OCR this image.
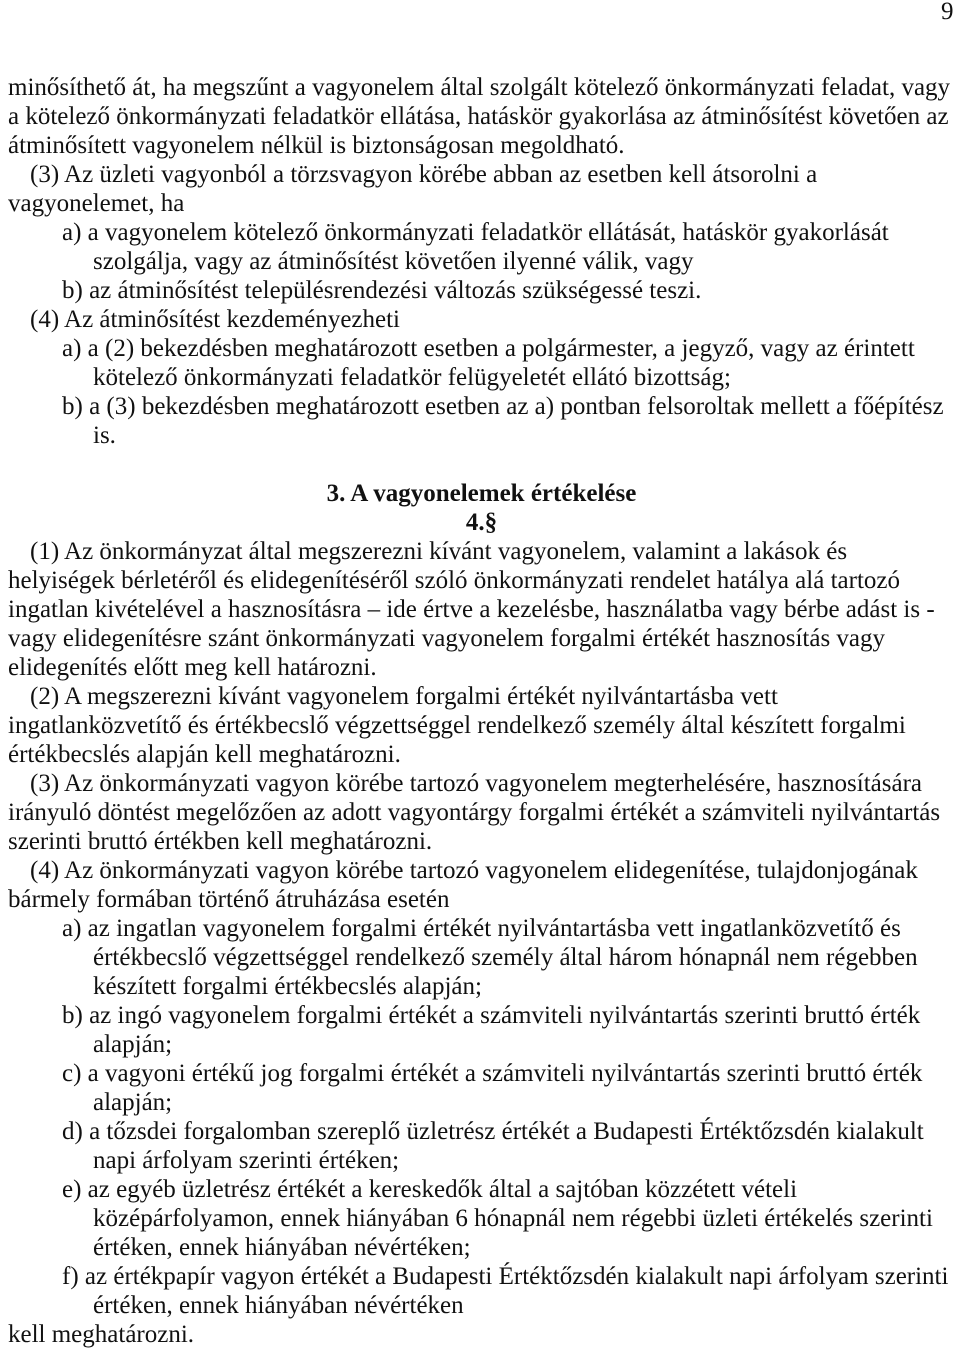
9
minősíthető át, ha megszűnt a vagyonelem által szolgált kötelező önkormányzati feladat, vagy
a kötelező önkormányzati feladatkör ellátása, hatáskör gyakorlása az átminősítést követően az
átminősített vagyonelem nélkül is biztonságosan megoldható.
(3) Az üzleti vagyonból a törzsvagyon körébe abban az esetben kell átsorolni a
vagyonelemet, ha
a) a vagyonelem kötelező önkormányzati feladatkör ellátását, hatáskör gyakorlását
szolgálja, vagy az átminősítést követően ilyenné válik, vagy
b) az átminősítést településrendezési változás szükségessé teszi.
(4) Az átminősítést kezdeményezheti
a) a (2) bekezdésben meghatározott esetben a polgármester, a jegyző, vagy az érintett
kötelező önkormányzati feladatkör felügyeletét ellátó bizottság;
b) a (3) bekezdésben meghatározott esetben az a) pontban felsoroltak mellett a főépítész
is.
3. A vagyonelemek értékelése
4.§
(1) Az önkormányzat által megszerezni kívánt vagyonelem, valamint a lakások és
helyiségek bérletéről és elidegenítéséről szóló önkormányzati rendelet hatálya alá tartozó
ingatlan kivételével a hasznosításra – ide értve a kezelésbe, használatba vagy bérbe adást is -
vagy elidegenítésre szánt önkormányzati vagyonelem forgalmi értékét hasznosítás vagy
elidegenítés előtt meg kell határozni.
(2) A megszerezni kívánt vagyonelem forgalmi értékét nyilvántartásba vett
ingatlanközvetítő és értékbecslő végzettséggel rendelkező személy által készített forgalmi
értékbecslés alapján kell meghatározni.
(3) Az önkormányzati vagyon körébe tartozó vagyonelem megterhelésére, hasznosítására
irányuló döntést megelőzően az adott vagyontárgy forgalmi értékét a számviteli nyilvántartás
szerinti bruttó értékben kell meghatározni.
(4) Az önkormányzati vagyon körébe tartozó vagyonelem elidegenítése, tulajdonjogának
bármely formában történő átruházása esetén
a) az ingatlan vagyonelem forgalmi értékét nyilvántartásba vett ingatlanközvetítő és
értékbecslő végzettséggel rendelkező személy által három hónapnál nem régebben
készített forgalmi értékbecslés alapján;
b) az ingó vagyonelem forgalmi értékét a számviteli nyilvántartás szerinti bruttó érték
alapján;
c) a vagyoni értékű jog forgalmi értékét a számviteli nyilvántartás szerinti bruttó érték
alapján;
d) a tőzsdei forgalomban szereplő üzletrész értékét a Budapesti Értéktőzsdén kialakult
napi árfolyam szerinti értéken;
e) az egyéb üzletrész értékét a kereskedők által a sajtóban közzétett vételi
középárfolyamon, ennek hiányában 6 hónapnál nem régebbi üzleti értékelés szerinti
értéken, ennek hiányában névértéken;
f) az értékpapír vagyon értékét a Budapesti Értéktőzsdén kialakult napi árfolyam szerinti
értéken, ennek hiányában névértéken
kell meghatározni.
